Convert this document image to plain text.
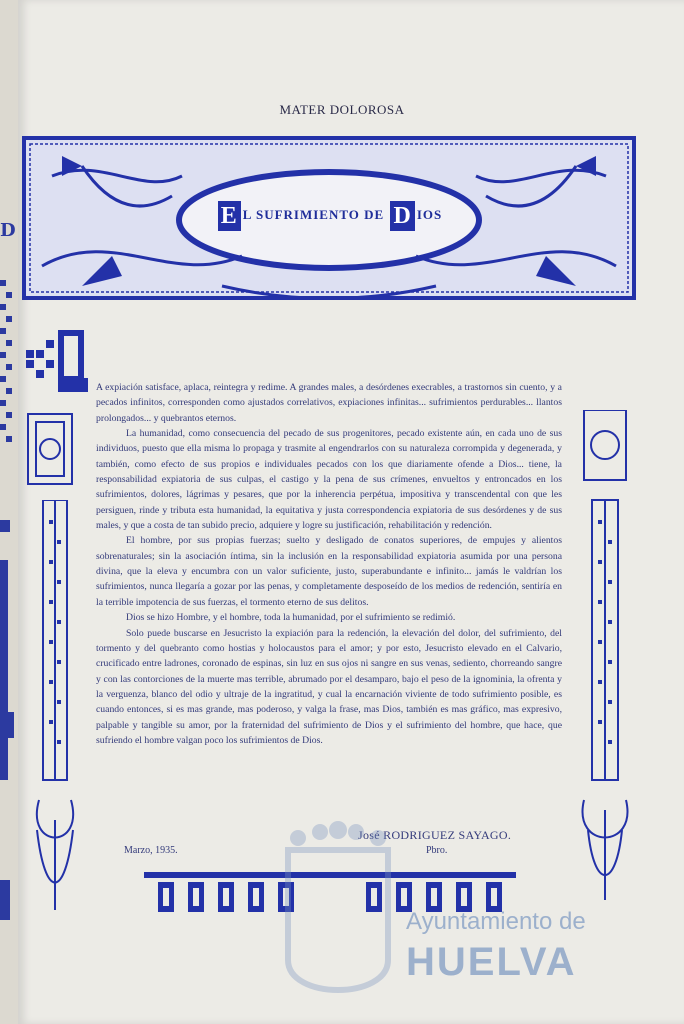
D
MATER DOLOROSA
E L SUFRIMIENTO DE D IOS

A expiación satisface, aplaca, reintegra y redime. A grandes males, a desórdenes execrables, a trastornos sin cuento, y a pecados infinitos, corresponden como ajustados correlativos, expiaciones infinitas... sufrimientos perdurables... llantos prolongados... y quebrantos eternos.

La humanidad, como consecuencia del pecado de sus progenitores, pecado existente aún, en cada uno de sus individuos, puesto que ella misma lo propaga y trasmite al engendrarlos con su naturaleza corrompida y degenerada, y también, como efecto de sus propios e individuales pecados con los que diariamente ofende a Dios... tiene, la responsabilidad expiatoria de sus culpas, el castigo y la pena de sus crímenes, envueltos y entroncados en los sufrimientos, dolores, lágrimas y pesares, que por la inherencia perpétua, impositiva y transcendental con que les persiguen, rinde y tributa esta humanidad, la equitativa y justa correspondencia expiatoria de sus desórdenes y de sus males, y que a costa de tan subido precio, adquiere y logre su justificación, rehabilitación y redención.

El hombre, por sus propias fuerzas; suelto y desligado de conatos superiores, de empujes y alientos sobrenaturales; sin la asociación íntima, sin la inclusión en la responsabilidad expiatoria asumida por una persona divina, que la eleva y encumbra con un valor suficiente, justo, superabundante e infinito... jamás le valdrían los sufrimientos, nunca llegaría a gozar por las penas, y completamente desposeído de los medios de redención, sentiría en la terrible impotencia de sus fuerzas, el tormento eterno de sus delitos.

Dios se hizo Hombre, y el hombre, toda la humanidad, por el sufrimiento se redimió.

Solo puede buscarse en Jesucristo la expiación para la redención, la elevación del dolor, del sufrimiento, del tormento y del quebranto como hostias y holocaustos para el amor; y por esto, Jesucristo elevado en el Calvario, crucificado entre ladrones, coronado de espinas, sin luz en sus ojos ni sangre en sus venas, sediento, chorreando sangre y con las contorciones de la muerte mas terrible, abrumado por el desamparo, bajo el peso de la ignominia, la ofrenta y la verguenza, blanco del odio y ultraje de la ingratitud, y cual la encarnación viviente de todo sufrimiento posible, es cuando entonces, si es mas grande, mas poderoso, y valga la frase, mas Dios, también es mas gráfico, mas expresivo, palpable y tangible su amor, por la fraternidad del sufrimiento de Dios y el sufrimiento del hombre, que hace, que sufriendo el hombre valgan poco los sufrimientos de Dios.

José RODRIGUEZ SAYAGO.
Pbro.
Marzo, 1935.
Ayuntamiento de
HUELVA
